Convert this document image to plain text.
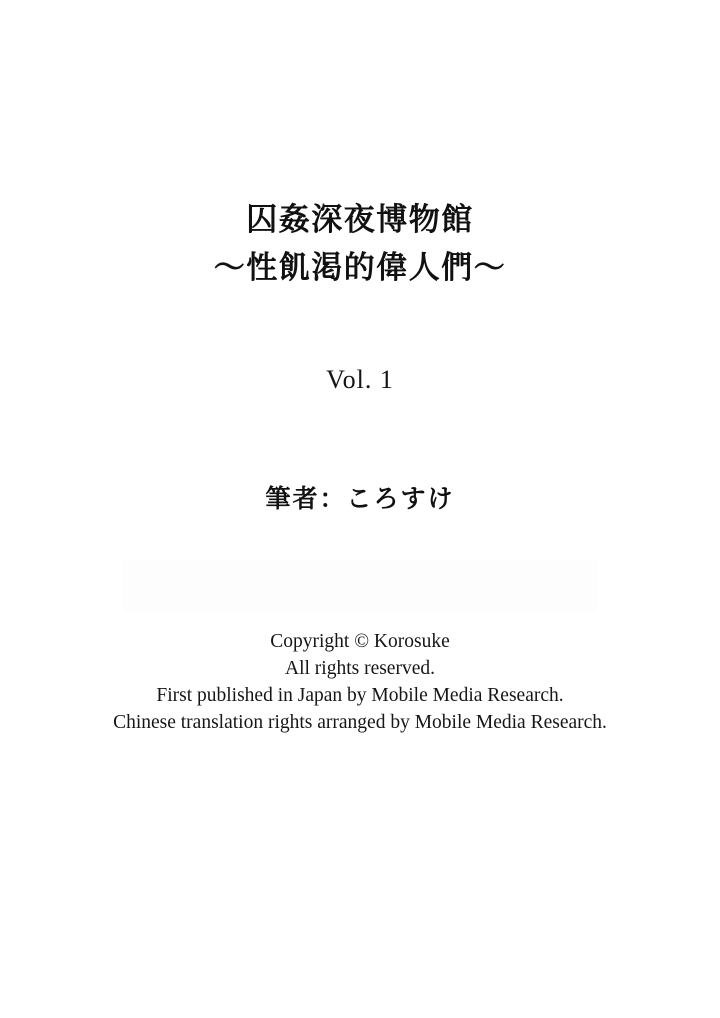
囚姦深夜博物館
～性飢渇的偉人們～
Vol. 1
筆者：ころすけ
Copyright © Korosuke
All rights reserved.
First published in Japan by Mobile Media Research.
Chinese translation rights arranged by Mobile Media Research.
